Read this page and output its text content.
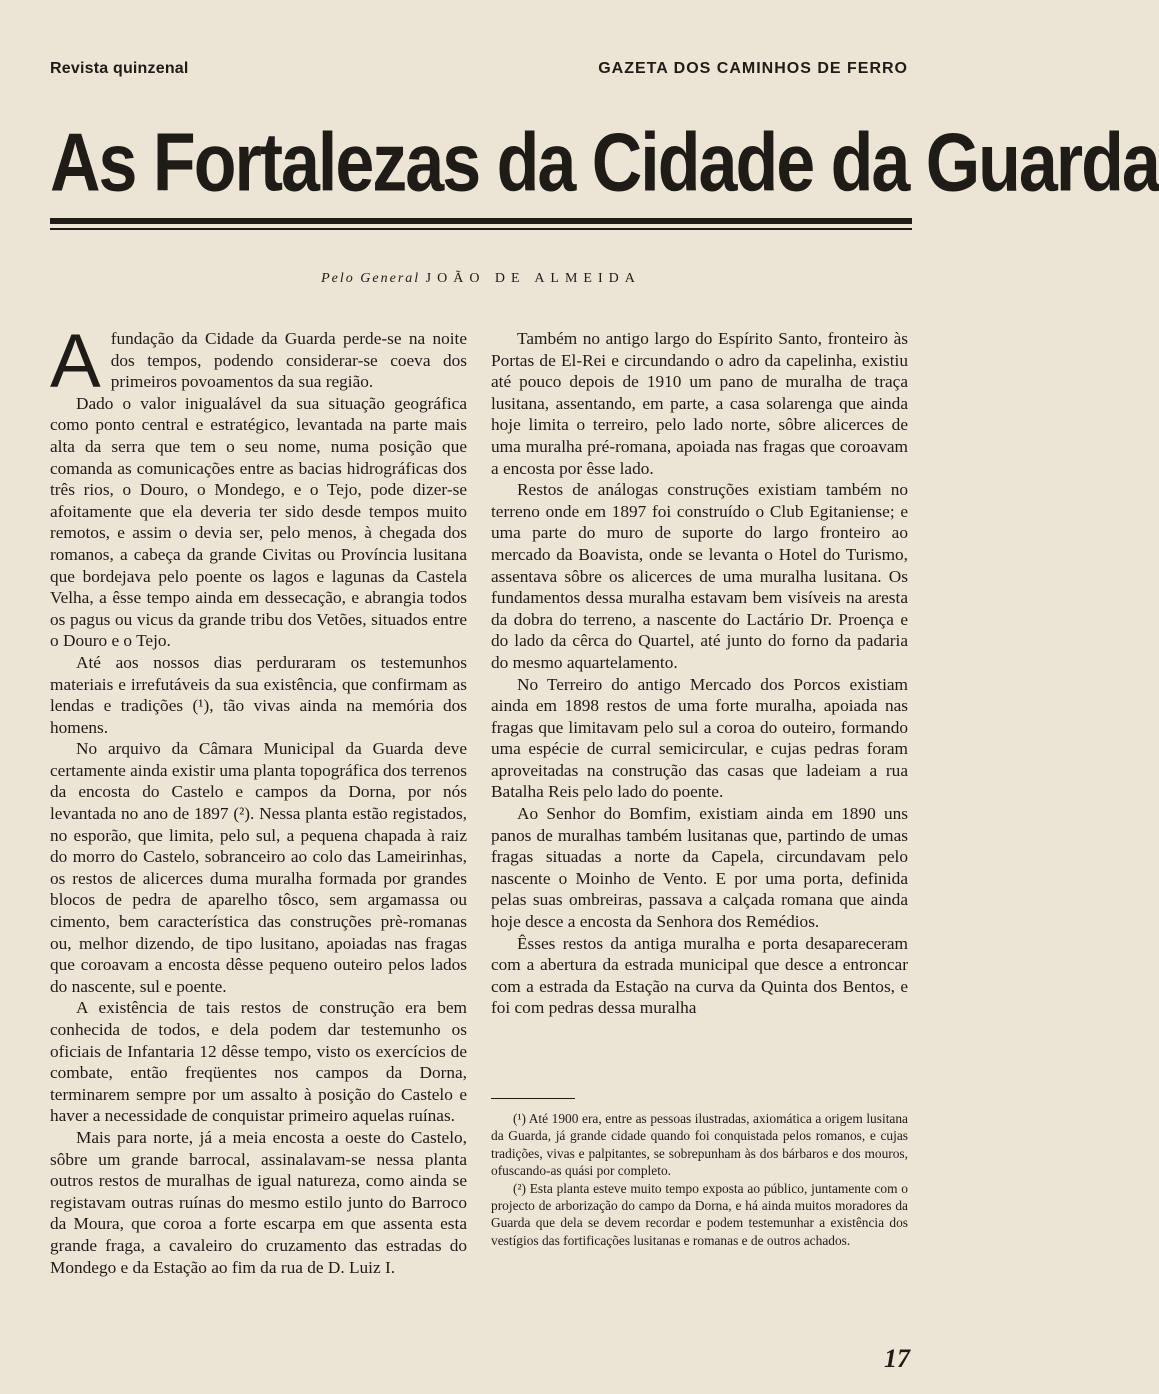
Revista quinzenal	GAZETA DOS CAMINHOS DE FERRO
As Fortalezas da Cidade da Guarda
Pelo General JOÃO DE ALMEIDA

Afundação da Cidade da Guarda perde-se na noite dos tempos, podendo considerar-se coeva dos primeiros povoamentos da sua região.

Dado o valor inigualável da sua situação geográfica como ponto central e estratégico, levantada na parte mais alta da serra que tem o seu nome, numa posição que comanda as comunicações entre as bacias hidrográficas dos três rios, o Douro, o Mondego, e o Tejo, pode dizer-se afoitamente que ela deveria ter sido desde tempos muito remotos, e assim o devia ser, pelo menos, à chegada dos romanos, a cabeça da grande Civitas ou Província lusitana que bordejava pelo poente os lagos e lagunas da Castela Velha, a êsse tempo ainda em dessecação, e abrangia todos os pagus ou vicus da grande tribu dos Vetões, situados entre o Douro e o Tejo.

Até aos nossos dias perduraram os testemunhos materiais e irrefutáveis da sua existência, que confirmam as lendas e tradições (¹), tão vivas ainda na memória dos homens.

No arquivo da Câmara Municipal da Guarda deve certamente ainda existir uma planta topográfica dos terrenos da encosta do Castelo e campos da Dorna, por nós levantada no ano de 1897 (²). Nessa planta estão registados, no esporão, que limita, pelo sul, a pequena chapada à raiz do morro do Castelo, sobranceiro ao colo das Lameirinhas, os restos de alicerces duma muralha formada por grandes blocos de pedra de aparelho tôsco, sem argamassa ou cimento, bem característica das construções prè-romanas ou, melhor dizendo, de tipo lusitano, apoiadas nas fragas que coroavam a encosta dêsse pequeno outeiro pelos lados do nascente, sul e poente.

A existência de tais restos de construção era bem conhecida de todos, e dela podem dar testemunho os oficiais de Infantaria 12 dêsse tempo, visto os exercícios de combate, então freqüentes nos campos da Dorna, terminarem sempre por um assalto à posição do Castelo e haver a necessidade de conquistar primeiro aquelas ruínas.

Mais para norte, já a meia encosta a oeste do Castelo, sôbre um grande barrocal, assinalavam-se nessa planta outros restos de muralhas de igual natureza, como ainda se registavam outras ruínas do mesmo estilo junto do Barroco da Moura, que coroa a forte escarpa em que assenta esta grande fraga, a cavaleiro do cruzamento das estradas do Mondego e da Estação ao fim da rua de D. Luiz I.

Também no antigo largo do Espírito Santo, fronteiro às Portas de El-Rei e circundando o adro da capelinha, existiu até pouco depois de 1910 um pano de muralha de traça lusitana, assentando, em parte, a casa solarenga que ainda hoje limita o terreiro, pelo lado norte, sôbre alicerces de uma muralha pré-romana, apoiada nas fragas que coroavam a encosta por êsse lado.

Restos de análogas construções existiam também no terreno onde em 1897 foi construído o Club Egitaniense; e uma parte do muro de suporte do largo fronteiro ao mercado da Boavista, onde se levanta o Hotel do Turismo, assentava sôbre os alicerces de uma muralha lusitana. Os fundamentos dessa muralha estavam bem visíveis na aresta da dobra do terreno, a nascente do Lactário Dr. Proença e do lado da cêrca do Quartel, até junto do forno da padaria do mesmo aquartelamento.

No Terreiro do antigo Mercado dos Porcos existiam ainda em 1898 restos de uma forte muralha, apoiada nas fragas que limitavam pelo sul a coroa do outeiro, formando uma espécie de curral semicircular, e cujas pedras foram aproveitadas na construção das casas que ladeiam a rua Batalha Reis pelo lado do poente.

Ao Senhor do Bomfim, existiam ainda em 1890 uns panos de muralhas também lusitanas que, partindo de umas fragas situadas a norte da Capela, circundavam pelo nascente o Moinho de Vento. E por uma porta, definida pelas suas ombreiras, passava a calçada romana que ainda hoje desce a encosta da Senhora dos Remédios.

Êsses restos da antiga muralha e porta desapareceram com a abertura da estrada municipal que desce a entroncar com a estrada da Estação na curva da Quinta dos Bentos, e foi com pedras dessa muralha

(¹) Até 1900 era, entre as pessoas ilustradas, axiomática a origem lusitana da Guarda, já grande cidade quando foi conquistada pelos romanos, e cujas tradições, vivas e palpitantes, se sobrepunham às dos bárbaros e dos mouros, ofuscando-as quási por completo.

(²) Esta planta esteve muito tempo exposta ao público, juntamente com o projecto de arborização do campo da Dorna, e há ainda muitos moradores da Guarda que dela se devem recordar e podem testemunhar a existência dos vestígios das fortificações lusitanas e romanas e de outros achados.

17
